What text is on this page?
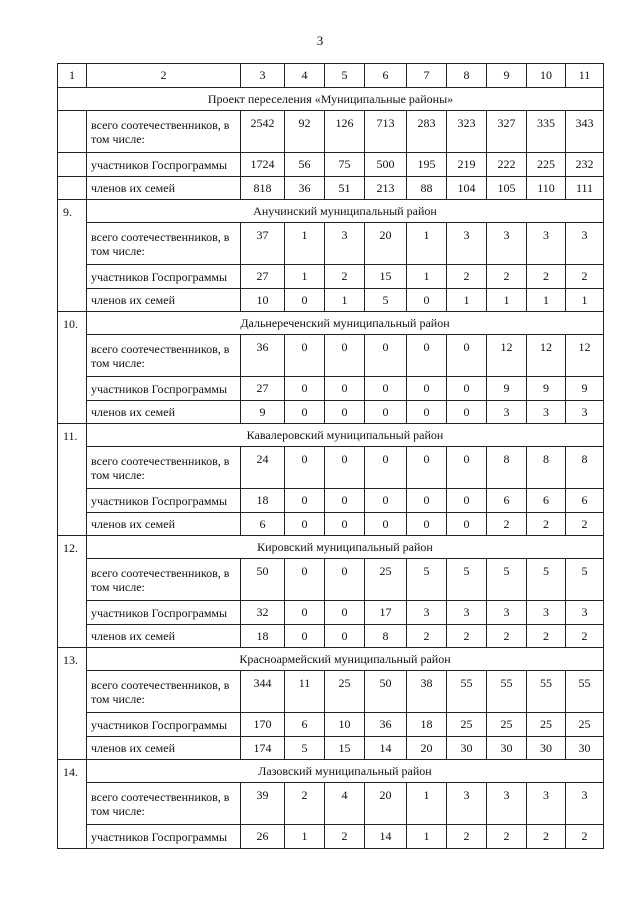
3
1	2	3	4	5	6	7	8	9	10	11
Проект переселения «Муниципальные районы»										
	всего соотечественников, в том числе:	2542	92	126	713	283	323	327	335	343
	участников Госпрограммы	1724	56	75	500	195	219	222	225	232
	членов их семей	818	36	51	213	88	104	105	110	111
9.	Анучинский муниципальный район									
	всего соотечественников, в том числе:	37	1	3	20	1	3	3	3	3
	участников Госпрограммы	27	1	2	15	1	2	2	2	2
	членов их семей	10	0	1	5	0	1	1	1	1
10.	Дальнереченский муниципальный район									
	всего соотечественников, в том числе:	36	0	0	0	0	0	12	12	12
	участников Госпрограммы	27	0	0	0	0	0	9	9	9
	членов их семей	9	0	0	0	0	0	3	3	3
11.	Кавалеровский муниципальный район									
	всего соотечественников, в том числе:	24	0	0	0	0	0	8	8	8
	участников Госпрограммы	18	0	0	0	0	0	6	6	6
	членов их семей	6	0	0	0	0	0	2	2	2
12.	Кировский муниципальный район									
	всего соотечественников, в том числе:	50	0	0	25	5	5	5	5	5
	участников Госпрограммы	32	0	0	17	3	3	3	3	3
	членов их семей	18	0	0	8	2	2	2	2	2
13.	Красноармейский муниципальный район									
	всего соотечественников, в том числе:	344	11	25	50	38	55	55	55	55
	участников Госпрограммы	170	6	10	36	18	25	25	25	25
	членов их семей	174	5	15	14	20	30	30	30	30
14.	Лазовский муниципальный район									
	всего соотечественников, в том числе:	39	2	4	20	1	3	3	3	3
	участников Госпрограммы	26	1	2	14	1	2	2	2	2
